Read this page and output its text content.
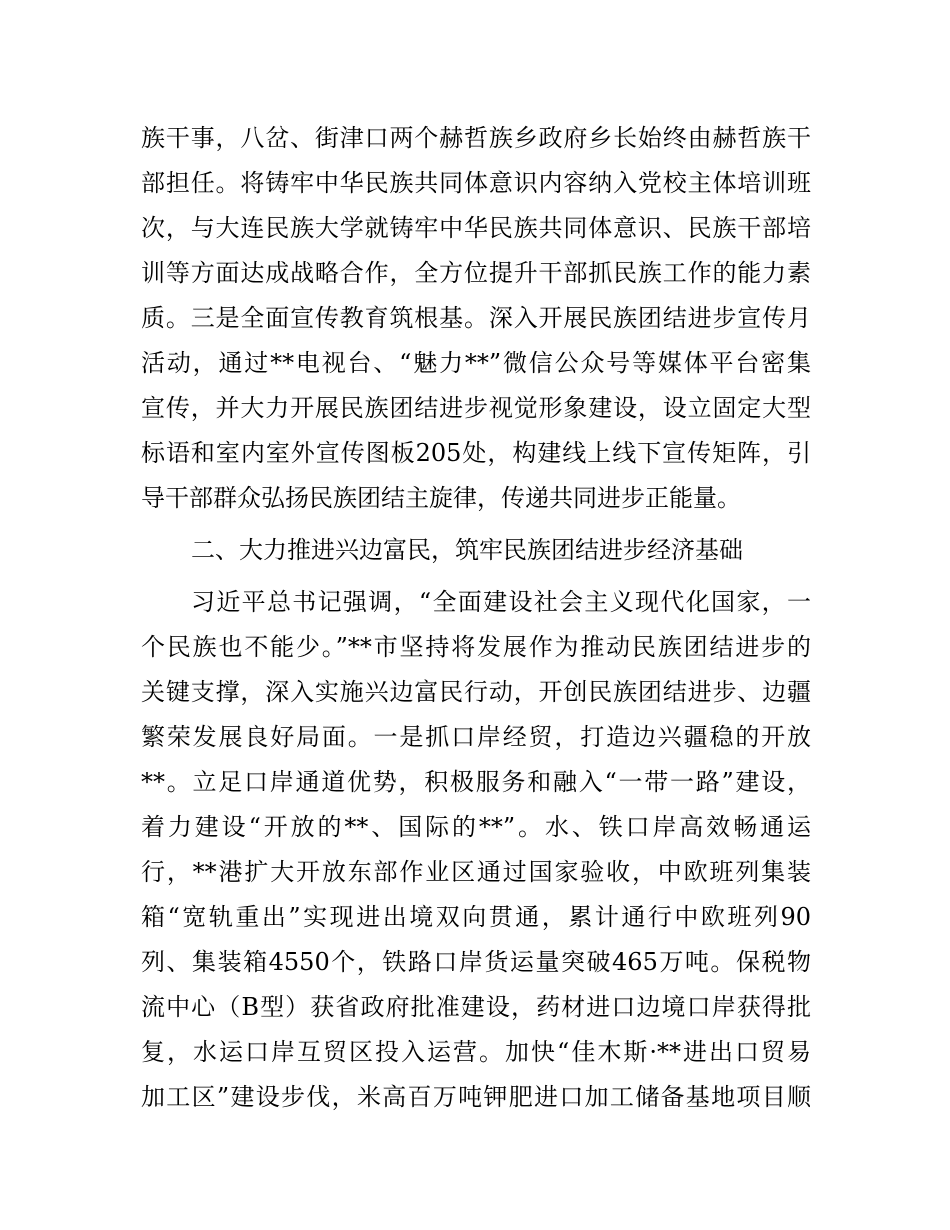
族干事，八岔、街津口两个赫哲族乡政府乡长始终由赫哲族干
部担任。将铸牢中华民族共同体意识内容纳入党校主体培训班
次，与大连民族大学就铸牢中华民族共同体意识、民族干部培
训等方面达成战略合作，全方位提升干部抓民族工作的能力素
质。三是全面宣传教育筑根基。深入开展民族团结进步宣传月
活动，通过**电视台、“魅力**”微信公众号等媒体平台密集
宣传，并大力开展民族团结进步视觉形象建设，设立固定大型
标语和室内室外宣传图板205处，构建线上线下宣传矩阵，引
导干部群众弘扬民族团结主旋律，传递共同进步正能量。
二、大力推进兴边富民，筑牢民族团结进步经济基础
习近平总书记强调，“全面建设社会主义现代化国家，一
个民族也不能少。”**市坚持将发展作为推动民族团结进步的
关键支撑，深入实施兴边富民行动，开创民族团结进步、边疆
繁荣发展良好局面。一是抓口岸经贸，打造边兴疆稳的开放
**。立足口岸通道优势，积极服务和融入“一带一路”建设，
着力建设“开放的**、国际的**”。水、铁口岸高效畅通运
行，**港扩大开放东部作业区通过国家验收，中欧班列集装
箱“宽轨重出”实现进出境双向贯通，累计通行中欧班列90
列、集装箱4550个，铁路口岸货运量突破465万吨。保税物
流中心（B型）获省政府批准建设，药材进口边境口岸获得批
复，水运口岸互贸区投入运营。加快“佳木斯·**进出口贸易
加工区”建设步伐，米高百万吨钾肥进口加工储备基地项目顺
